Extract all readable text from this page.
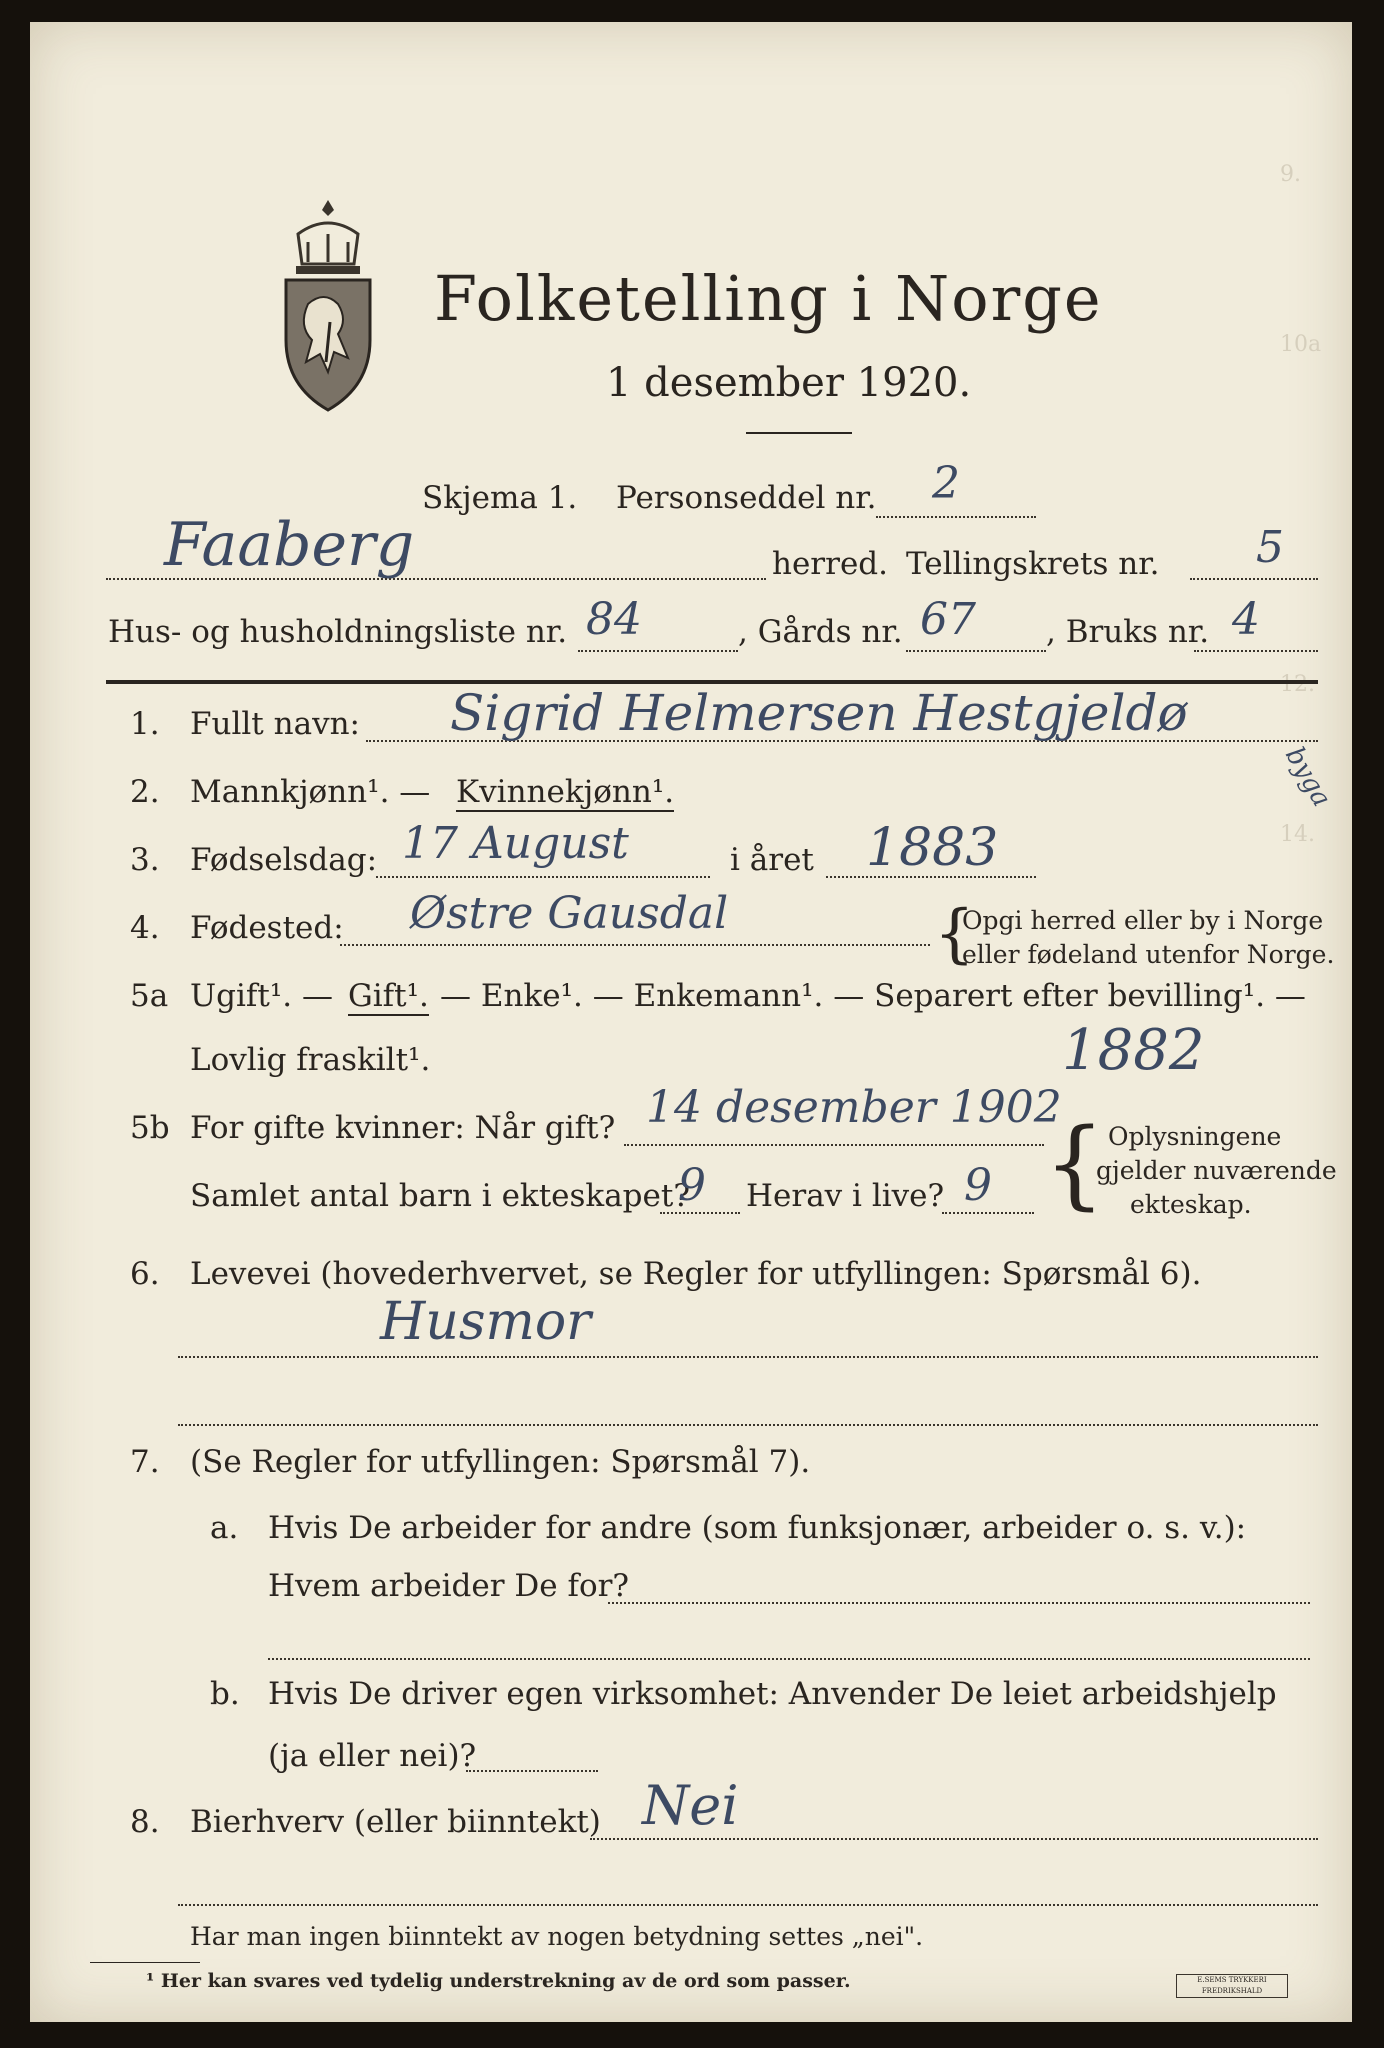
9.
10a
12.
14.
Folketelling i Norge
1 desember 1920.
Skjema 1. Personseddel nr. 2
Faaberg	herred. Tellingskrets nr. 5
Hus- og husholdningsliste nr. 84	, Gårds nr. 67 , Bruks nr. 4
1. Fullt navn: Sigrid Helmersen Hestgjeldø
byga
2. Mannkjønn¹. — Kvinnekjønn¹.
3. Fødselsdag: 17 August	i året 1883
4. Fødested: Østre Gausdal	{
Opgi herred eller by i Norge
eller fødeland utenfor Norge.
5a Ugift¹. — Gift¹. — Enke¹. — Enkemann¹. — Separert efter bevilling¹. —
Lovlig fraskilt¹.	1882
5b For gifte kvinner: Når gift? 14 desember 1902
Samlet antal barn i ekteskapet?
9 Herav i live? 9 { Oplysningene
gjelder nuværende
ekteskap.
6. Levevei (hovederhvervet, se Regler for utfyllingen: Spørsmål 6).
Husmor
7. (Se Regler for utfyllingen: Spørsmål 7).
a. Hvis De arbeider for andre (som funksjonær, arbeider o. s. v.):
Hvem arbeider De for?
b. Hvis De driver egen virksomhet: Anvender De leiet arbeidshjelp
(ja eller nei)?
8. Bierhverv (eller biinntekt) Nei
Har man ingen biinntekt av nogen betydning settes „nei".
¹ Her kan svares ved tydelig understrekning av de ord som passer.	E.SEMS TRYKKERI FREDRIKSHALD
